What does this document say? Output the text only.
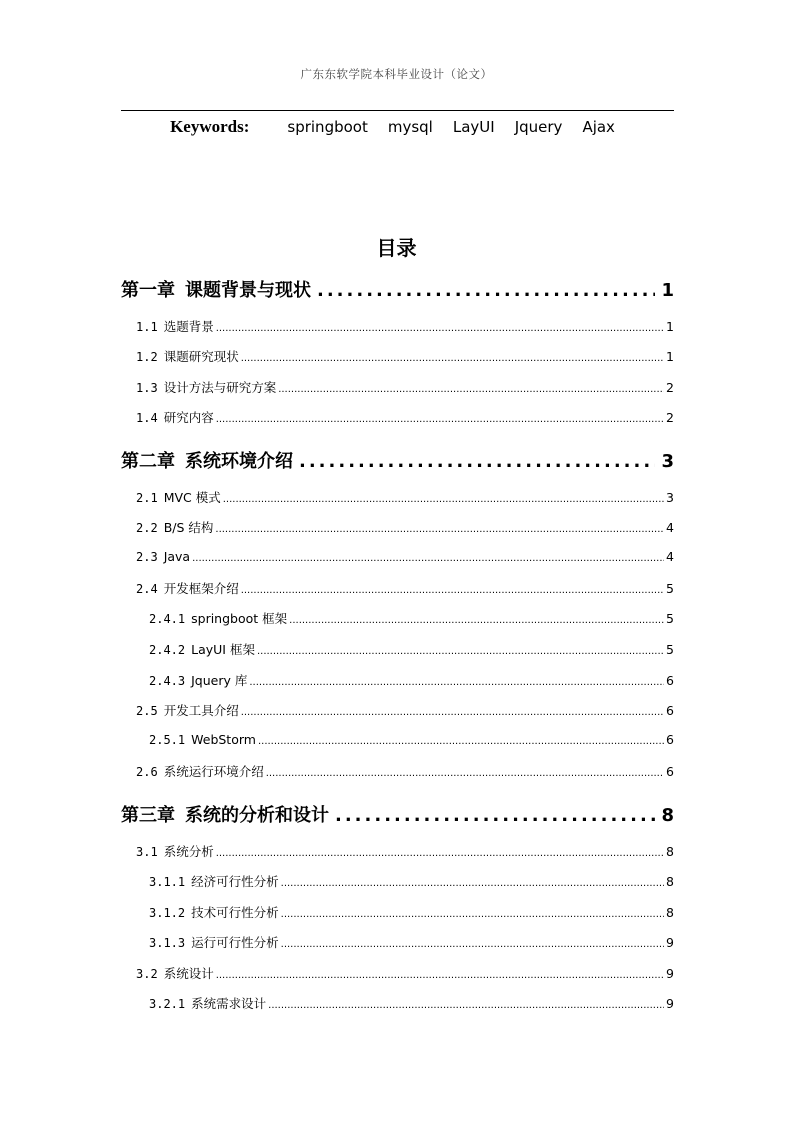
广东东软学院本科毕业设计（论文）
Keywords:	springboot mysql LayUI Jquery Ajax
目录
第一章 课题背景与现状 .....	1
1.1 选题背景 .....	1
1.2 课题研究现状 .....	1
1.3 设计方法与研究方案 .....	2
1.4 研究内容 .....	2
第二章 系统环境介绍 .....	3
2.1 MVC 模式 .....	3
2.2 B/S 结构 .....	4
2.3 Java .....	4
2.4 开发框架介绍 .....	5
2.4.1 springboot 框架 .....	5
2.4.2 LayUI 框架 .....	5
2.4.3 Jquery 库 .....	6
2.5 开发工具介绍 .....	6
2.5.1 WebStorm .....	6
2.6 系统运行环境介绍 .....	6
第三章 系统的分析和设计 .....	8
3.1 系统分析 .....	8
3.1.1 经济可行性分析 .....	8
3.1.2 技术可行性分析 .....	8
3.1.3 运行可行性分析 .....	9
3.2 系统设计 .....	9
3.2.1 系统需求设计 .....	9
